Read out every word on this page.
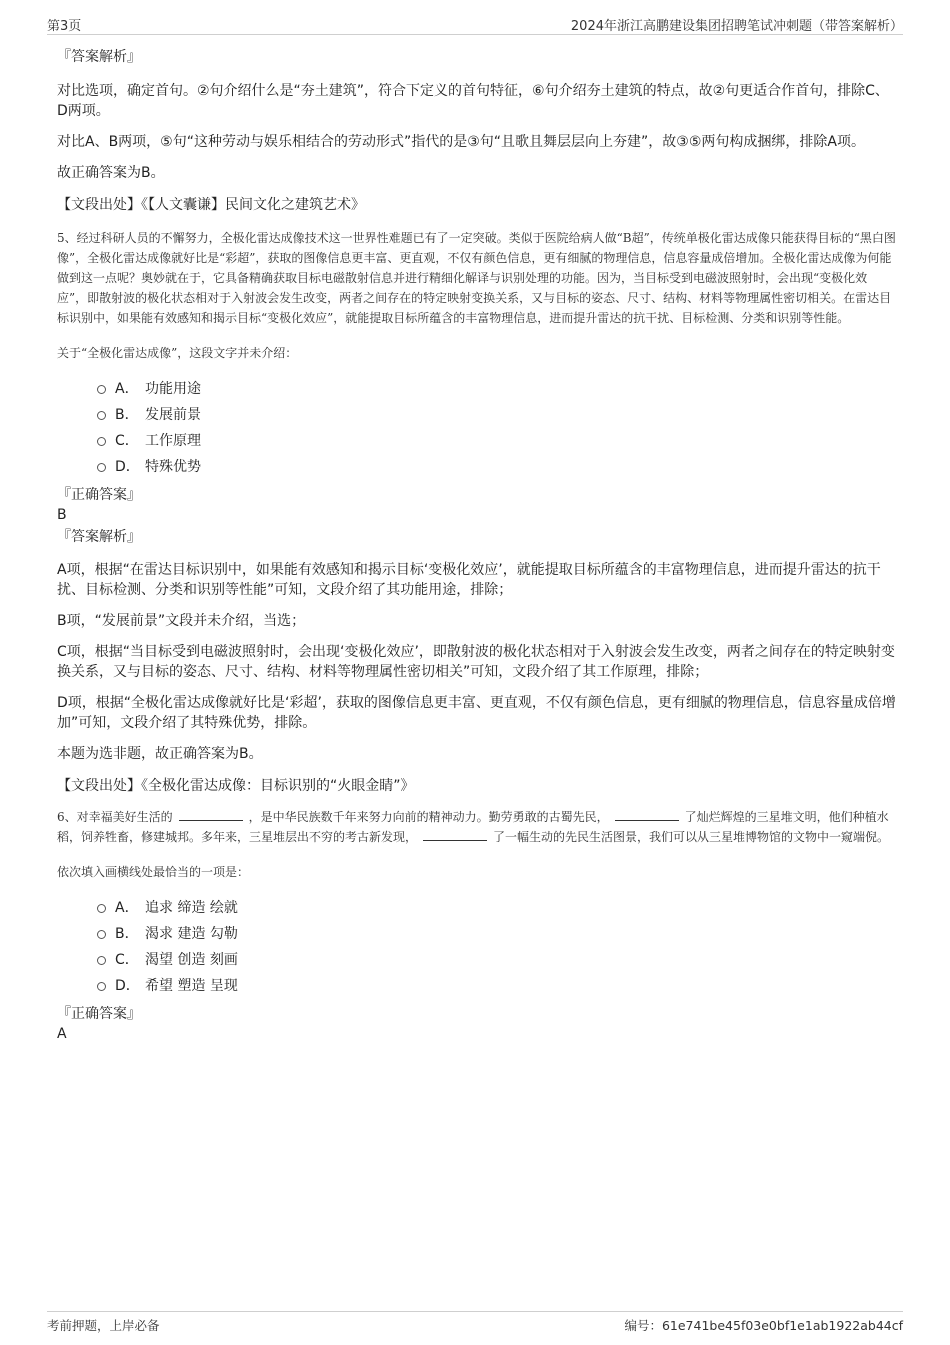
第3页	2024年浙江高鹏建设集团招聘笔试冲刺题（带答案解析）

『答案解析』

对比选项，确定首句。②句介绍什么是“夯土建筑”，符合下定义的首句特征，⑥句介绍夯土建筑的特点，故②句更适合作首句，排除C、D两项。

对比A、B两项，⑤句“这种劳动与娱乐相结合的劳动形式”指代的是③句“且歌且舞层层向上夯建”，故③⑤两句构成捆绑，排除A项。

故正确答案为B。

【文段出处】《【人文囊谦】民间文化之建筑艺术》

5、经过科研人员的不懈努力，全极化雷达成像技术这一世界性难题已有了一定突破。类似于医院给病人做“B超”，传统单极化雷达成像只能获得目标的“黑白图像”，全极化雷达成像就好比是“彩超”，获取的图像信息更丰富、更直观，不仅有颜色信息，更有细腻的物理信息，信息容量成倍增加。全极化雷达成像为何能做到这一点呢？奥妙就在于，它具备精确获取目标电磁散射信息并进行精细化解译与识别处理的功能。因为，当目标受到电磁波照射时，会出现“变极化效应”，即散射波的极化状态相对于入射波会发生改变，两者之间存在的特定映射变换关系，又与目标的姿态、尺寸、结构、材料等物理属性密切相关。在雷达目标识别中，如果能有效感知和揭示目标“变极化效应”，就能提取目标所蕴含的丰富物理信息，进而提升雷达的抗干扰、目标检测、分类和识别等性能。

关于“全极化雷达成像”，这段文字并未介绍：

A． 功能用途
B． 发展前景
C． 工作原理
D． 特殊优势

『正确答案』

B

『答案解析』

A项，根据“在雷达目标识别中，如果能有效感知和揭示目标‘变极化效应’，就能提取目标所蕴含的丰富物理信息，进而提升雷达的抗干扰、目标检测、分类和识别等性能”可知，文段介绍了其功能用途，排除；

B项，“发展前景”文段并未介绍，当选；

C项，根据“当目标受到电磁波照射时，会出现‘变极化效应’，即散射波的极化状态相对于入射波会发生改变，两者之间存在的特定映射变换关系，又与目标的姿态、尺寸、结构、材料等物理属性密切相关”可知，文段介绍了其工作原理，排除；

D项，根据“全极化雷达成像就好比是‘彩超’，获取的图像信息更丰富、更直观，不仅有颜色信息，更有细腻的物理信息，信息容量成倍增加”可知，文段介绍了其特殊优势，排除。

本题为选非题，故正确答案为B。

【文段出处】《全极化雷达成像：目标识别的“火眼金睛”》

6、对幸福美好生活的	，是中华民族数千年来努力向前的精神动力。勤劳勇敢的古蜀先民，	了灿烂辉煌的三星堆文明，他们种植水稻，饲养牲畜，修建城邦。多年来，三星堆层出不穷的考古新发现，	了一幅生动的先民生活图景，我们可以从三星堆博物馆的文物中一窥端倪。

依次填入画横线处最恰当的一项是：

A． 追求 缔造 绘就
B． 渴求 建造 勾勒
C． 渴望 创造 刻画
D． 希望 塑造 呈现

『正确答案』

A

考前押题，上岸必备	编号：61e741be45f03e0bf1e1ab1922ab44cf
